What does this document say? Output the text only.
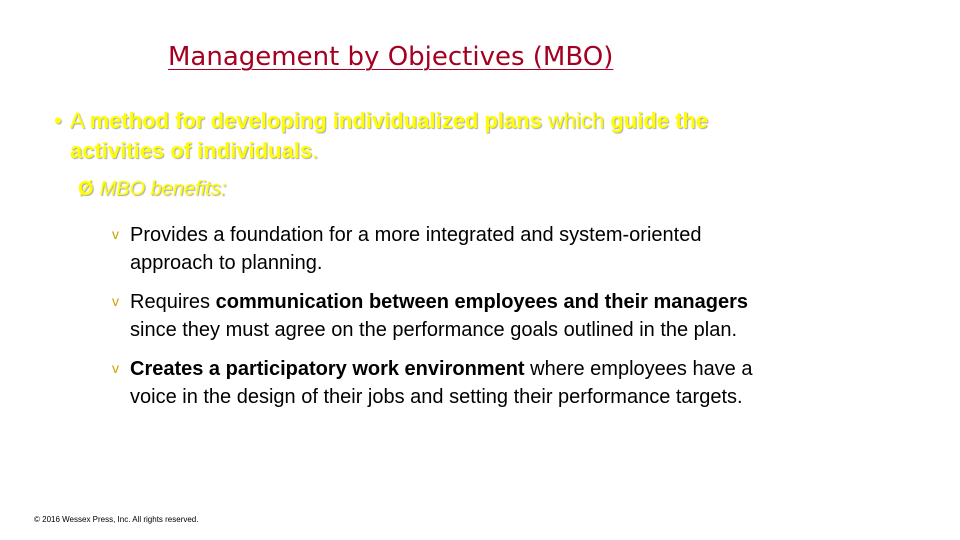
Management by Objectives (MBO)
• A method for developing individualized plans which guide the
activities of individuals.
Ø MBO benefits:
v Provides a foundation for a more integrated and system-oriented
approach to planning.
v Requires communication between employees and their managers
since they must agree on the performance goals outlined in the plan.
v Creates a participatory work environment where employees have a
voice in the design of their jobs and setting their performance targets.
© 2016 Wessex Press, Inc. All rights reserved.
